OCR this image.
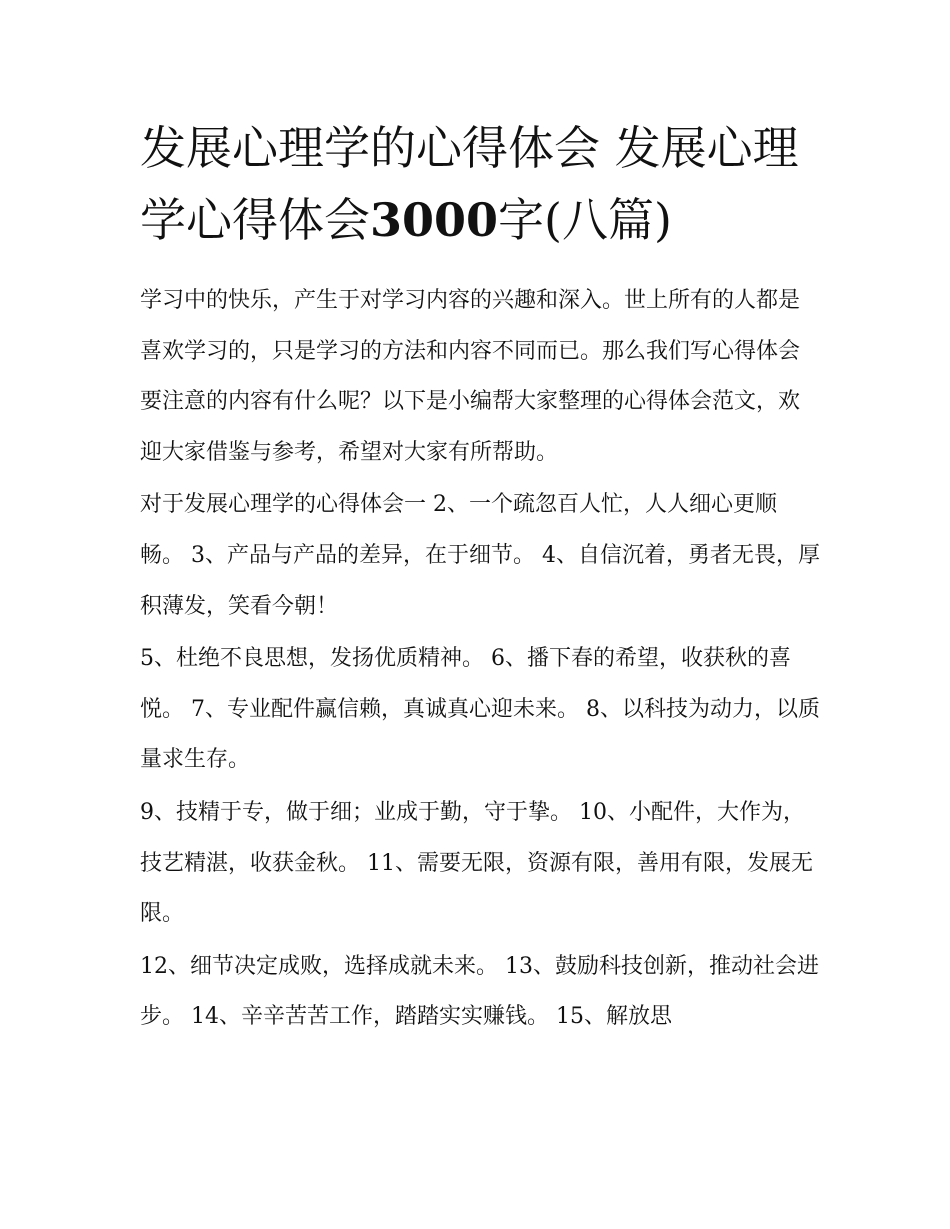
发展心理学的心得体会 发展心理学心得体会3000字(八篇)

学习中的快乐，产生于对学习内容的兴趣和深入。世上所有的人都是喜欢学习的，只是学习的方法和内容不同而已。那么我们写心得体会要注意的内容有什么呢？以下是小编帮大家整理的心得体会范文，欢迎大家借鉴与参考，希望对大家有所帮助。

对于发展心理学的心得体会一 2、一个疏忽百人忙，人人细心更顺畅。 3、产品与产品的差异，在于细节。 4、自信沉着，勇者无畏，厚积薄发，笑看今朝！

5、杜绝不良思想，发扬优质精神。 6、播下春的希望，收获秋的喜悦。 7、专业配件赢信赖，真诚真心迎未来。 8、以科技为动力，以质量求生存。

9、技精于专，做于细；业成于勤，守于挚。 10、小配件，大作为，技艺精湛，收获金秋。 11、需要无限，资源有限，善用有限，发展无限。

12、细节决定成败，选择成就未来。 13、鼓励科技创新，推动社会进步。 14、辛辛苦苦工作，踏踏实实赚钱。 15、解放思
